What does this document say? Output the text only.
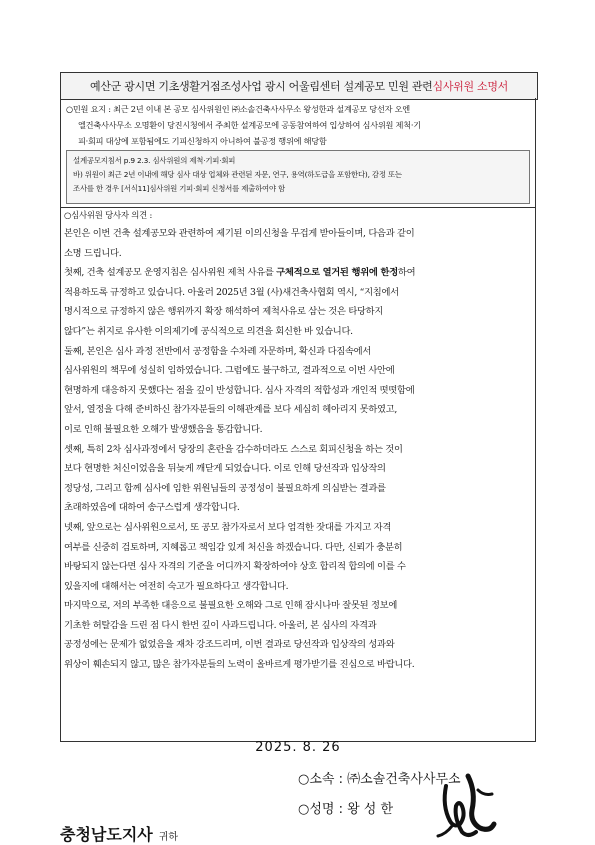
예산군 광시면 기초생활거점조성사업 광시 어울림센터 설계공모 민원 관련 심사위원 소명서
○민원 요지 : 최근 2년 이내 본 공모 심사위원인 ㈜소솔건축사사무소 왕성한과 설계공모 당선자 오엔
엘건축사사무소 오명환이 당진시청에서 주최한 설계공모에 공동참여하여 입상하여 심사위원 제척·기
피·회피 대상에 포함됨에도 기피신청하지 아니하여 불공정 행위에 해당함
설계공모지침서 p.9 2.3. 심사위원의 제척·기피·회피
바) 위원이 최근 2년 이내에 해당 심사 대상 업체와 관련된 자문, 연구, 용역(하도급을 포함한다), 감정 또는
조사를 한 경우 [서식11]심사위원 기피·회피 신청서를 제출하여야 함
○심사위원 당사자 의견 :
본인은 이번 건축 설계공모와 관련하여 제기된 이의신청을 무겁게 받아들이며, 다음과 같이
소명 드립니다.
첫째, 건축 설계공모 운영지침은 심사위원 제척 사유를 구체적으로 열거된 행위에 한정하여
적용하도록 규정하고 있습니다. 아울러 2025년 3월 (사)새건축사협회 역시, “지침에서
명시적으로 규정하지 않은 행위까지 확장 해석하여 제척사유로 삼는 것은 타당하지
않다”는 취지로 유사한 이의제기에 공식적으로 의견을 회신한 바 있습니다.
둘째, 본인은 심사 과정 전반에서 공정함을 수차례 자문하며, 확신과 다짐속에서
심사위원의 책무에 성실히 임하였습니다. 그럼에도 불구하고, 결과적으로 이번 사안에
현명하게 대응하지 못했다는 점을 깊이 반성합니다. 심사 자격의 적합성과 개인적 떳떳함에
앞서, 열정을 다해 준비하신 참가자분들의 이해관계를 보다 세심히 헤아리지 못하였고,
이로 인해 불필요한 오해가 발생했음을 통감합니다.
셋째, 특히 2차 심사과정에서 당장의 혼란을 감수하더라도 스스로 회피신청을 하는 것이
보다 현명한 처신이었음을 뒤늦게 깨닫게 되었습니다. 이로 인해 당선작과 입상작의
정당성, 그리고 함께 심사에 임한 위원님들의 공정성이 불필요하게 의심받는 결과를
초래하였음에 대하여 송구스럽게 생각합니다.
넷째, 앞으로는 심사위원으로서, 또 공모 참가자로서 보다 엄격한 잣대를 가지고 자격
여부를 신중히 검토하며, 지혜롭고 책임감 있게 처신을 하겠습니다. 다만, 신뢰가 충분히
바탕되지 않는다면 심사 자격의 기준을 어디까지 확장하여야 상호 합리적 합의에 이를 수
있을지에 대해서는 여전히 숙고가 필요하다고 생각합니다.
마지막으로, 저의 부족한 대응으로 불필요한 오해와 그로 인해 잠시나마 잘못된 정보에
기초한 허탈감을 드린 점 다시 한번 깊이 사과드립니다. 아울러, 본 심사의 자격과
공정성에는 문제가 없었음을 재차 강조드리며, 이번 결과로 당선작과 입상작의 성과와
위상이 훼손되지 않고, 많은 참가자분들의 노력이 올바르게 평가받기를 진심으로 바랍니다.
2025. 8. 26
○소속 : ㈜소솔건축사사무소
○성명 : 왕 성 한
충청남도지사 귀하
